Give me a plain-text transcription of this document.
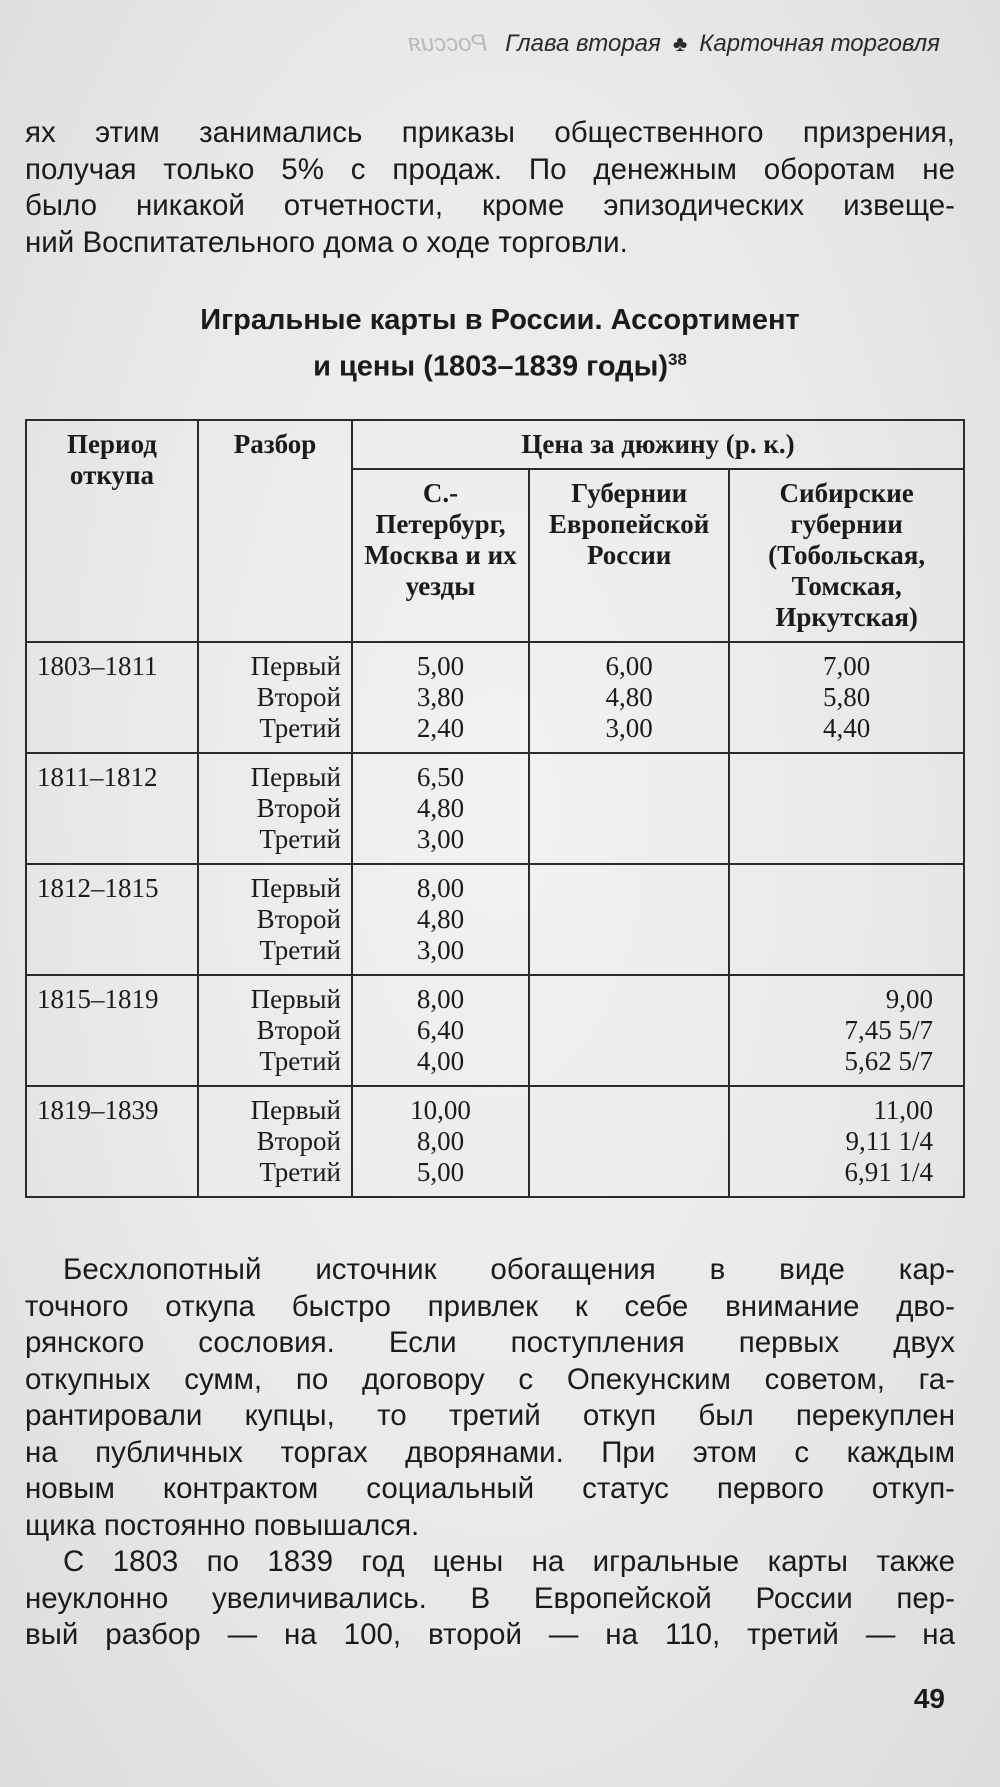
Россия Глава вторая ♣ Карточная торговля
ях этим занимались приказы общественного призрения,
получая только 5% с продаж. По денежным оборотам не
было никакой отчетности, кроме эпизодических извеще-
ний Воспитательного дома о ходе торговли.
Игральные карты в России. Ассортимент
и цены (1803–1839 годы)$^{38}$
Период откупа	Разбор	Цена за дюжину (р. к.)		
		С.-Петербург, Москва и их уезды	Губернии Европейской России	Сибирские губернии (Тобольская, Томская, Иркутская)
1803–1811	Первый
Второй
Третий	5,00
3,80
2,40	6,00
4,80
3,00	7,00
5,80
4,40

1811–1812	Первый
Второй
Третий	6,50
4,80
3,00		

1812–1815	Первый
Второй
Третий	8,00
4,80
3,00		

1815–1819	Первый
Второй
Третий	8,00
6,40
4,00		9,00
7,45 5/7
5,62 5/7

1819–1839	Первый
Второй
Третий	10,00
8,00
5,00		11,00
9,11 1/4
6,91 1/4
Бесхлопотный источник обогащения в виде кар-
точного откупа быстро привлек к себе внимание дво-
рянского сословия. Если поступления первых двух
откупных сумм, по договору с Опекунским советом, га-
рантировали купцы, то третий откуп был перекуплен
на публичных торгах дворянами. При этом с каждым
новым контрактом социальный статус первого откуп-
щика постоянно повышался.
С 1803 по 1839 год цены на игральные карты также
неуклонно увеличивались. В Европейской России пер-
вый разбор — на 100, второй — на 110, третий — на
49
